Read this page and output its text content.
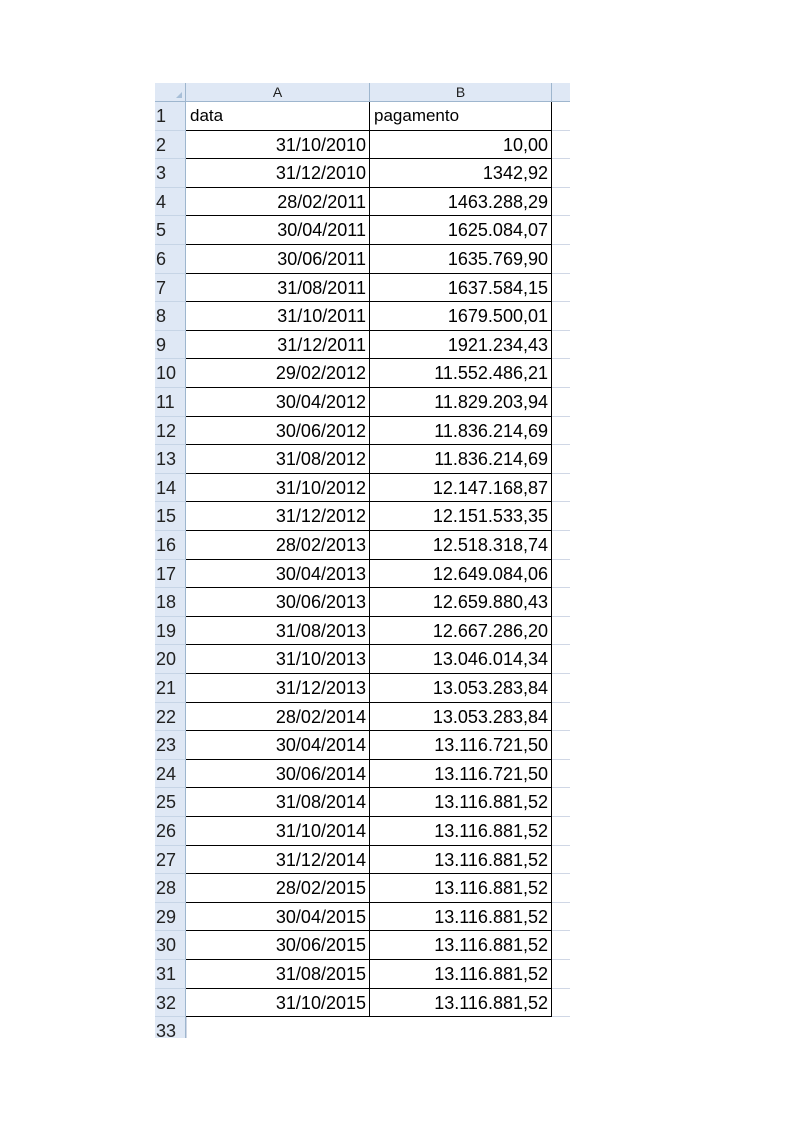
A	B
1	data	pagamento
2	31/10/2010	10,00
3	31/12/2010	1342,92
4	28/02/2011	1463.288,29
5	30/04/2011	1625.084,07
6	30/06/2011	1635.769,90
7	31/08/2011	1637.584,15
8	31/10/2011	1679.500,01
9	31/12/2011	1921.234,43
10	29/02/2012	11.552.486,21
11	30/04/2012	11.829.203,94
12	30/06/2012	11.836.214,69
13	31/08/2012	11.836.214,69
14	31/10/2012	12.147.168,87
15	31/12/2012	12.151.533,35
16	28/02/2013	12.518.318,74
17	30/04/2013	12.649.084,06
18	30/06/2013	12.659.880,43
19	31/08/2013	12.667.286,20
20	31/10/2013	13.046.014,34
21	31/12/2013	13.053.283,84
22	28/02/2014	13.053.283,84
23	30/04/2014	13.116.721,50
24	30/06/2014	13.116.721,50
25	31/08/2014	13.116.881,52
26	31/10/2014	13.116.881,52
27	31/12/2014	13.116.881,52
28	28/02/2015	13.116.881,52
29	30/04/2015	13.116.881,52
30	30/06/2015	13.116.881,52
31	31/08/2015	13.116.881,52
32	31/10/2015	13.116.881,52
33
